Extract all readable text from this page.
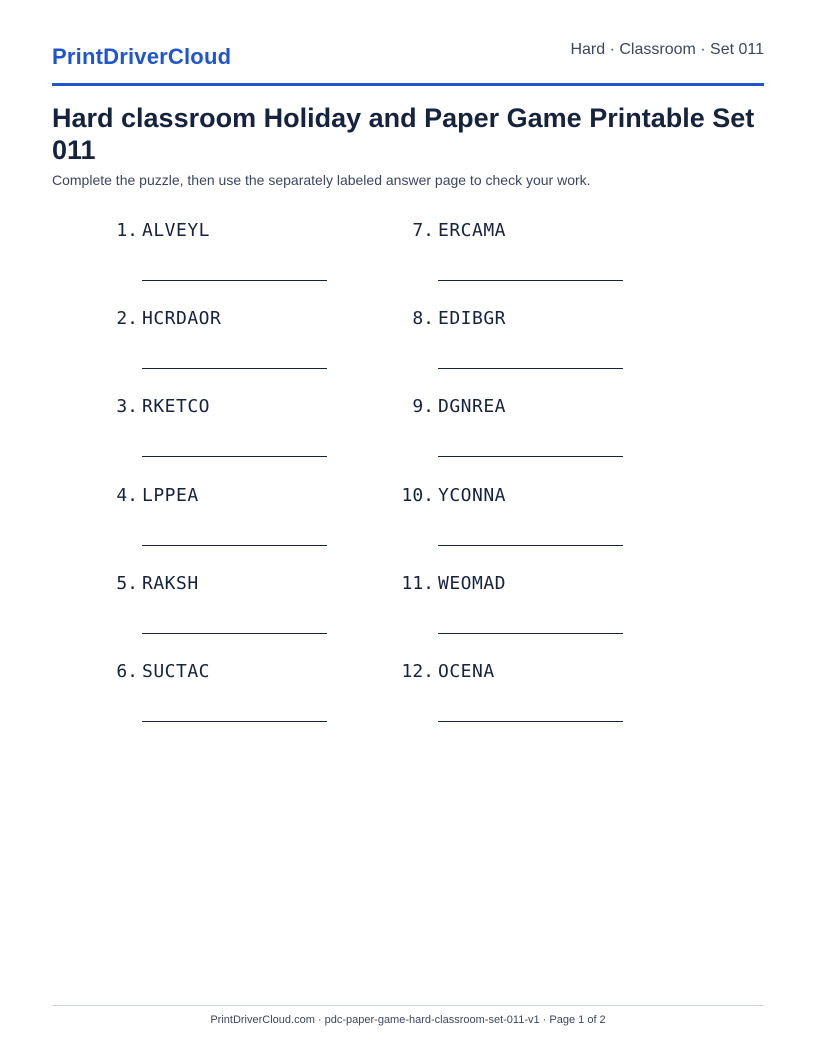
PrintDriverCloud	Hard · Classroom · Set 011
Hard classroom Holiday and Paper Game Printable Set 011
Complete the puzzle, then use the separately labeled answer page to check your work.
1. ALVEYL
2. HCRDAOR
3. RKETCO
4. LPPEA
5. RAKSH
6. SUCTAC
7. ERCAMA
8. EDIBGR
9. DGNREA
10. YCONNA
11. WEOMAD
12. OCENA
PrintDriverCloud.com · pdc-paper-game-hard-classroom-set-011-v1 · Page 1 of 2
